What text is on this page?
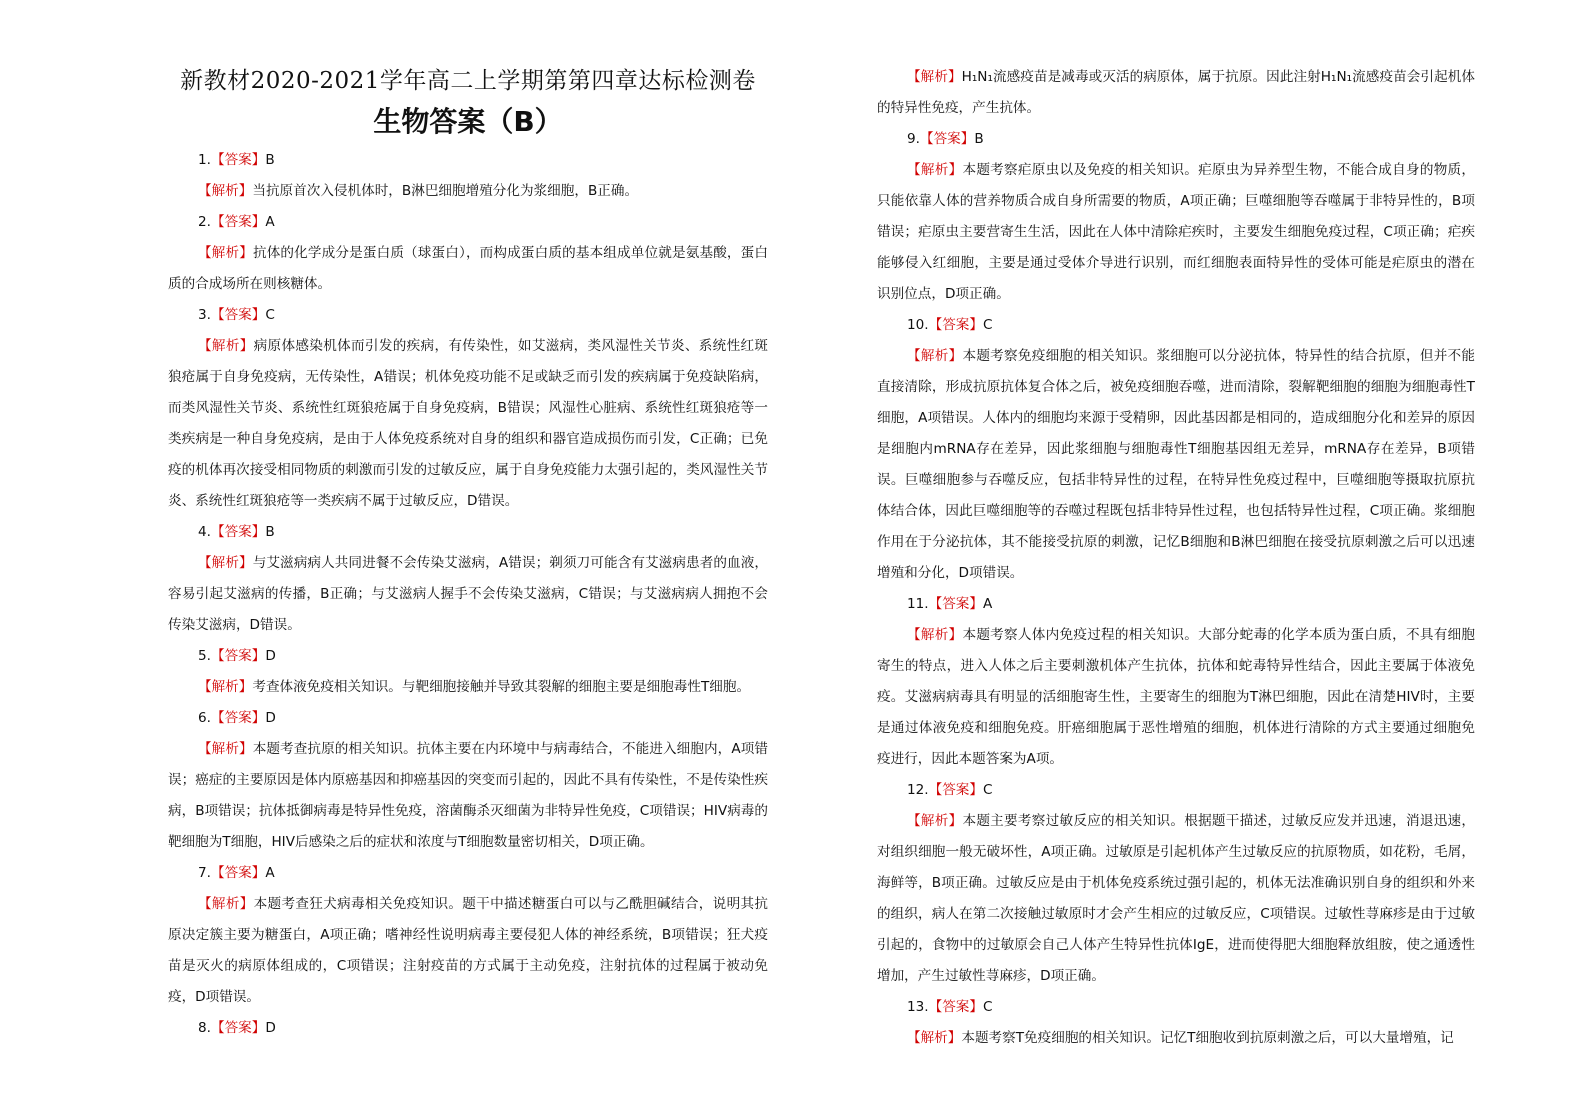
新教材2020-2021学年高二上学期第第四章达标检测卷
生物答案（B）

1. 【 答案 】 B

【解析】当抗原首次入侵机体时，B淋巴细胞增殖分化为浆细胞，B正确。

2. 【 答案 】 A

【解析】抗体的化学成分是蛋白质（球蛋白），而构成蛋白质的基本组成单位就是氨基酸，蛋白质的合成场所在则核糖体。

3. 【 答案 】 C

【解析】病原体感染机体而引发的疾病，有传染性，如艾滋病，类风湿性关节炎、系统性红斑狼疮属于自身免疫病，无传染性，A错误；机体免疫功能不足或缺乏而引发的疾病属于免疫缺陷病，而类风湿性关节炎、系统性红斑狼疮属于自身免疫病，B错误；风湿性心脏病、系统性红斑狼疮等一类疾病是一种自身免疫病，是由于人体免疫系统对自身的组织和器官造成损伤而引发，C正确；已免疫的机体再次接受相同物质的刺激而引发的过敏反应，属于自身免疫能力太强引起的，类风湿性关节炎、系统性红斑狼疮等一类疾病不属于过敏反应，D错误。

4. 【 答案 】 B

【解析】与艾滋病病人共同进餐不会传染艾滋病，A错误；剃须刀可能含有艾滋病患者的血液，容易引起艾滋病的传播，B正确；与艾滋病人握手不会传染艾滋病，C错误；与艾滋病病人拥抱不会传染艾滋病，D错误。

5. 【 答案 】 D

【解析】考查体液免疫相关知识。与靶细胞接触并导致其裂解的细胞主要是细胞毒性T细胞。

6. 【 答案 】 D

【解析】本题考查抗原的相关知识。抗体主要在内环境中与病毒结合，不能进入细胞内，A项错误；癌症的主要原因是体内原癌基因和抑癌基因的突变而引起的，因此不具有传染性，不是传染性疾病，B项错误；抗体抵御病毒是特异性免疫，溶菌酶杀灭细菌为非特异性免疫，C项错误；HIV病毒的靶细胞为T细胞，HIV后感染之后的症状和浓度与T细胞数量密切相关，D项正确。

7. 【 答案 】 A

【解析】本题考查狂犬病毒相关免疫知识。题干中描述糖蛋白可以与乙酰胆碱结合，说明其抗原决定簇主要为糖蛋白，A项正确；嗜神经性说明病毒主要侵犯人体的神经系统，B项错误；狂犬疫苗是灭火的病原体组成的，C项错误；注射疫苗的方式属于主动免疫，注射抗体的过程属于被动免疫，D项错误。

8. 【 答案 】 D

【解析】H₁N₁流感疫苗是减毒或灭活的病原体，属于抗原。因此注射H₁N₁流感疫苗会引起机体的特异性免疫，产生抗体。

9. 【 答案 】 B

【解析】本题考察疟原虫以及免疫的相关知识。疟原虫为异养型生物，不能合成自身的物质，只能依靠人体的营养物质合成自身所需要的物质，A项正确；巨噬细胞等吞噬属于非特异性的，B项错误；疟原虫主要营寄生生活，因此在人体中清除疟疾时，主要发生细胞免疫过程，C项正确；疟疾能够侵入红细胞，主要是通过受体介导进行识别，而红细胞表面特异性的受体可能是疟原虫的潜在识别位点，D项正确。

10. 【 答案 】 C

【解析】本题考察免疫细胞的相关知识。浆细胞可以分泌抗体，特异性的结合抗原，但并不能直接清除，形成抗原抗体复合体之后，被免疫细胞吞噬，进而清除，裂解靶细胞的细胞为细胞毒性T细胞，A项错误。人体内的细胞均来源于受精卵，因此基因都是相同的，造成细胞分化和差异的原因是细胞内mRNA存在差异，因此浆细胞与细胞毒性T细胞基因组无差异，mRNA存在差异，B项错误。巨噬细胞参与吞噬反应，包括非特异性的过程，在特异性免疫过程中，巨噬细胞等摄取抗原抗体结合体，因此巨噬细胞等的吞噬过程既包括非特异性过程，也包括特异性过程，C项正确。浆细胞作用在于分泌抗体，其不能接受抗原的刺激，记忆B细胞和B淋巴细胞在接受抗原刺激之后可以迅速增殖和分化，D项错误。

11. 【 答案 】 A

【解析】本题考察人体内免疫过程的相关知识。大部分蛇毒的化学本质为蛋白质，不具有细胞寄生的特点，进入人体之后主要刺激机体产生抗体，抗体和蛇毒特异性结合，因此主要属于体液免疫。艾滋病病毒具有明显的活细胞寄生性，主要寄生的细胞为T淋巴细胞，因此在清楚HIV时，主要是通过体液免疫和细胞免疫。肝癌细胞属于恶性增殖的细胞，机体进行清除的方式主要通过细胞免疫进行，因此本题答案为A项。

12. 【 答案 】 C

【解析】本题主要考察过敏反应的相关知识。根据题干描述，过敏反应发并迅速，消退迅速，对组织细胞一般无破坏性，A项正确。过敏原是引起机体产生过敏反应的抗原物质，如花粉，毛屑，海鲜等，B项正确。过敏反应是由于机体免疫系统过强引起的，机体无法准确识别自身的组织和外来的组织，病人在第二次接触过敏原时才会产生相应的过敏反应，C项错误。过敏性荨麻疹是由于过敏引起的，食物中的过敏原会自己人体产生特异性抗体IgE，进而使得肥大细胞释放组胺，使之通透性增加，产生过敏性荨麻疹，D项正确。

13. 【 答案 】 C

【解析】本题考察T免疫细胞的相关知识。记忆T细胞收到抗原刺激之后，可以大量增殖，记
